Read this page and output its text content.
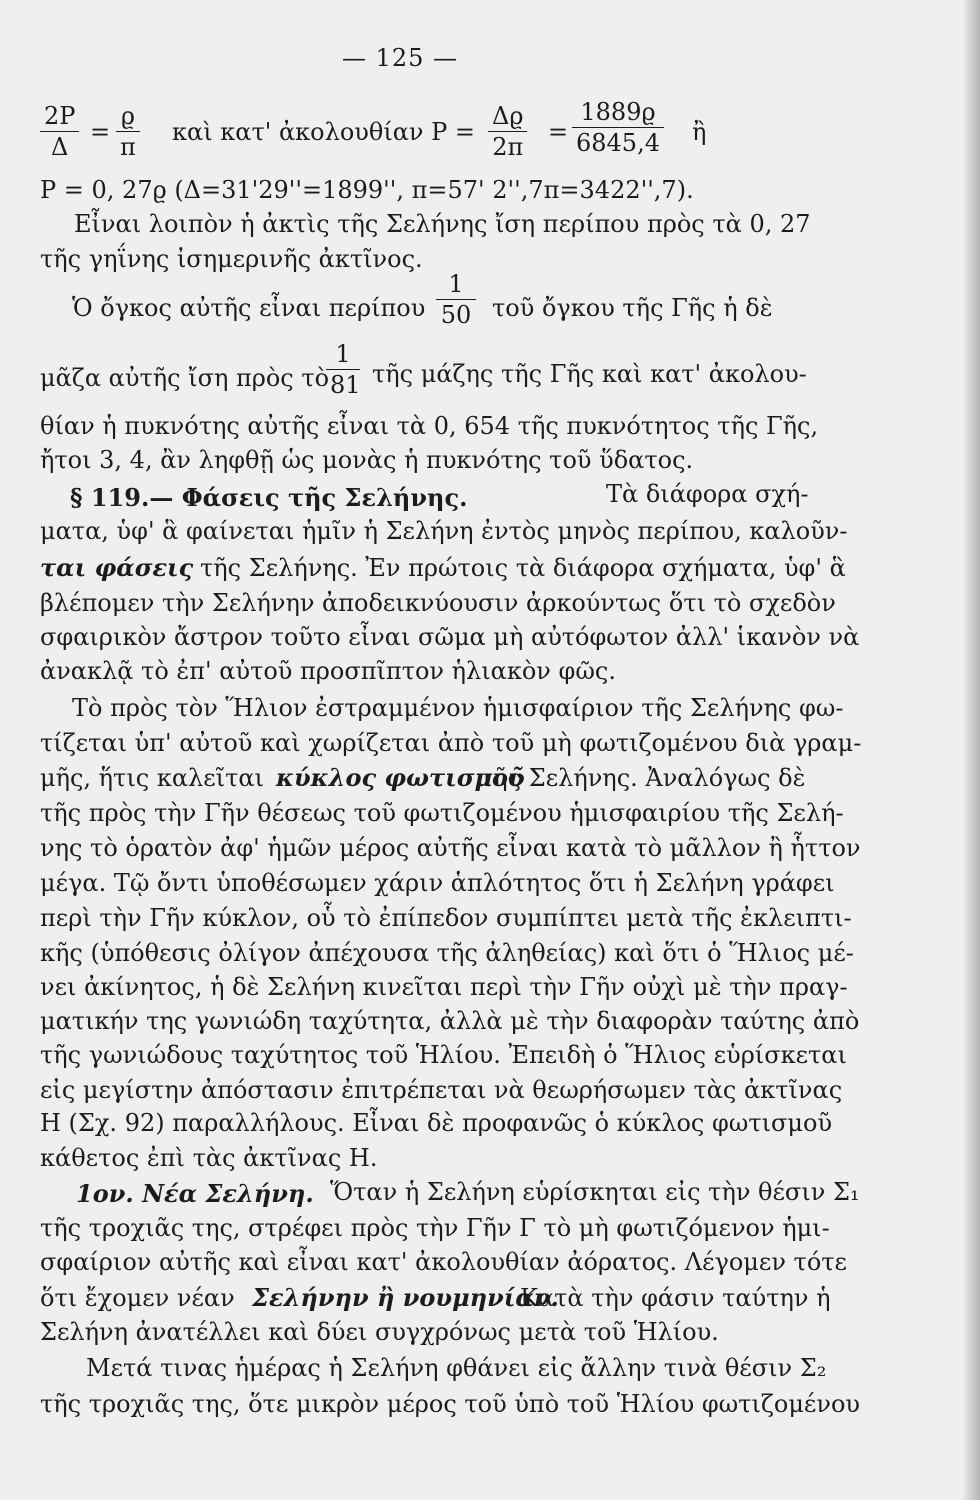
— 125 —
$\frac{2P}{\Delta} = \frac{ϱ}{\pi}$ καὶ κατ' ἀκολουθίαν $P = \frac{\Delta ϱ}{2\pi} = \frac{1889ϱ}{6845,4}$ ἢ
P = 0, 27ϱ (Δ=31'29''=1899'', π=57' 2'',7π=3422'',7).
Εἶναι λοιπὸν ἡ ἀκτὶς τῆς Σελήνης ἴση περίπου πρὸς τὰ 0, 27
τῆς γηΐνης ἰσημερινῆς ἀκτῖνος.
Ὁ ὄγκος αὐτῆς εἶναι περίπου $\frac{1}{50}$ τοῦ ὄγκου τῆς Γῆς ἡ δὲ
μᾶζα αὐτῆς ἴση πρὸς τὸ
$\frac{1}{81}$ τῆς μάζης τῆς Γῆς καὶ κατ' ἀκολου-
θίαν ἡ πυκνότης αὐτῆς εἶναι τὰ 0, 654 τῆς πυκνότητος τῆς Γῆς,
ἤτοι 3, 4, ἂν ληφθῇ ὡς μονὰς ἡ πυκνότης τοῦ ὕδατος.
§ 119.— Φάσεις τῆς Σελήνης.	Τὰ διάφορα σχή-
ματα, ὑφ' ἃ φαίνεται ἡμῖν ἡ Σελήνη ἐντὸς μηνὸς περίπου, καλοῦν-
ται φάσεις τῆς Σελήνης. Ἐν πρώτοις τὰ διάφορα σχήματα, ὑφ' ἃ
βλέπομεν τὴν Σελήνην ἀποδεικνύουσιν ἀρκούντως ὅτι τὸ σχεδὸν
σφαιρικὸν ἄστρον τοῦτο εἶναι σῶμα μὴ αὐτόφωτον ἀλλ' ἱκανὸν νὰ
ἀνακλᾷ τὸ ἐπ' αὐτοῦ προσπῖπτον ἡλιακὸν φῶς.
Τὸ πρὸς τὸν Ἥλιον ἐστραμμένον ἡμισφαίριον τῆς Σελήνης φω-
τίζεται ὑπ' αὐτοῦ καὶ χωρίζεται ἀπὸ τοῦ μὴ φωτιζομένου διὰ γραμ-
μῆς, ἥτις καλεῖται κύκλος φωτισμοῦ
τῆς Σελήνης. Ἀναλόγως δὲ
τῆς πρὸς τὴν Γῆν θέσεως τοῦ φωτιζομένου ἡμισφαιρίου τῆς Σελή-
νης τὸ ὁρατὸν ἀφ' ἡμῶν μέρος αὐτῆς εἶναι κατὰ τὸ μᾶλλον ἢ ἧττον
μέγα. Τῷ ὄντι ὑποθέσωμεν χάριν ἁπλότητος ὅτι ἡ Σελήνη γράφει
περὶ τὴν Γῆν κύκλον, οὗ τὸ ἐπίπεδον συμπίπτει μετὰ τῆς ἐκλειπτι-
κῆς (ὑπόθεσις ὀλίγον ἀπέχουσα τῆς ἀληθείας) καὶ ὅτι ὁ Ἥλιος μέ-
νει ἀκίνητος, ἡ δὲ Σελήνη κινεῖται περὶ τὴν Γῆν οὐχὶ μὲ τὴν πραγ-
ματικήν της γωνιώδη ταχύτητα, ἀλλὰ μὲ τὴν διαφορὰν ταύτης ἀπὸ
τῆς γωνιώδους ταχύτητος τοῦ Ἡλίου. Ἐπειδὴ ὁ Ἥλιος εὑρίσκεται
εἰς μεγίστην ἀπόστασιν ἐπιτρέπεται νὰ θεωρήσωμεν τὰς ἀκτῖνας
H (Σχ. 92) παραλλήλους. Εἶναι δὲ προφανῶς ὁ κύκλος φωτισμοῦ
κάθετος ἐπὶ τὰς ἀκτῖνας H.
1ον. Νέα Σελήνη. Ὅταν ἡ Σελήνη εὑρίσκηται εἰς τὴν θέσιν Σ₁
τῆς τροχιᾶς της, στρέφει πρὸς τὴν Γῆν Γ τὸ μὴ φωτιζόμενον ἡμι-
σφαίριον αὐτῆς καὶ εἶναι κατ' ἀκολουθίαν ἀόρατος. Λέγομεν τότε
ὅτι ἔχομεν νέαν Σελήνην ἢ νουμηνίαν.
Κατὰ τὴν φάσιν ταύτην ἡ
Σελήνη ἀνατέλλει καὶ δύει συγχρόνως μετὰ τοῦ Ἡλίου.
Μετά τινας ἡμέρας ἡ Σελήνη φθάνει εἰς ἄλλην τινὰ θέσιν Σ₂
τῆς τροχιᾶς της, ὅτε μικρὸν μέρος τοῦ ὑπὸ τοῦ Ἡλίου φωτιζομένου
